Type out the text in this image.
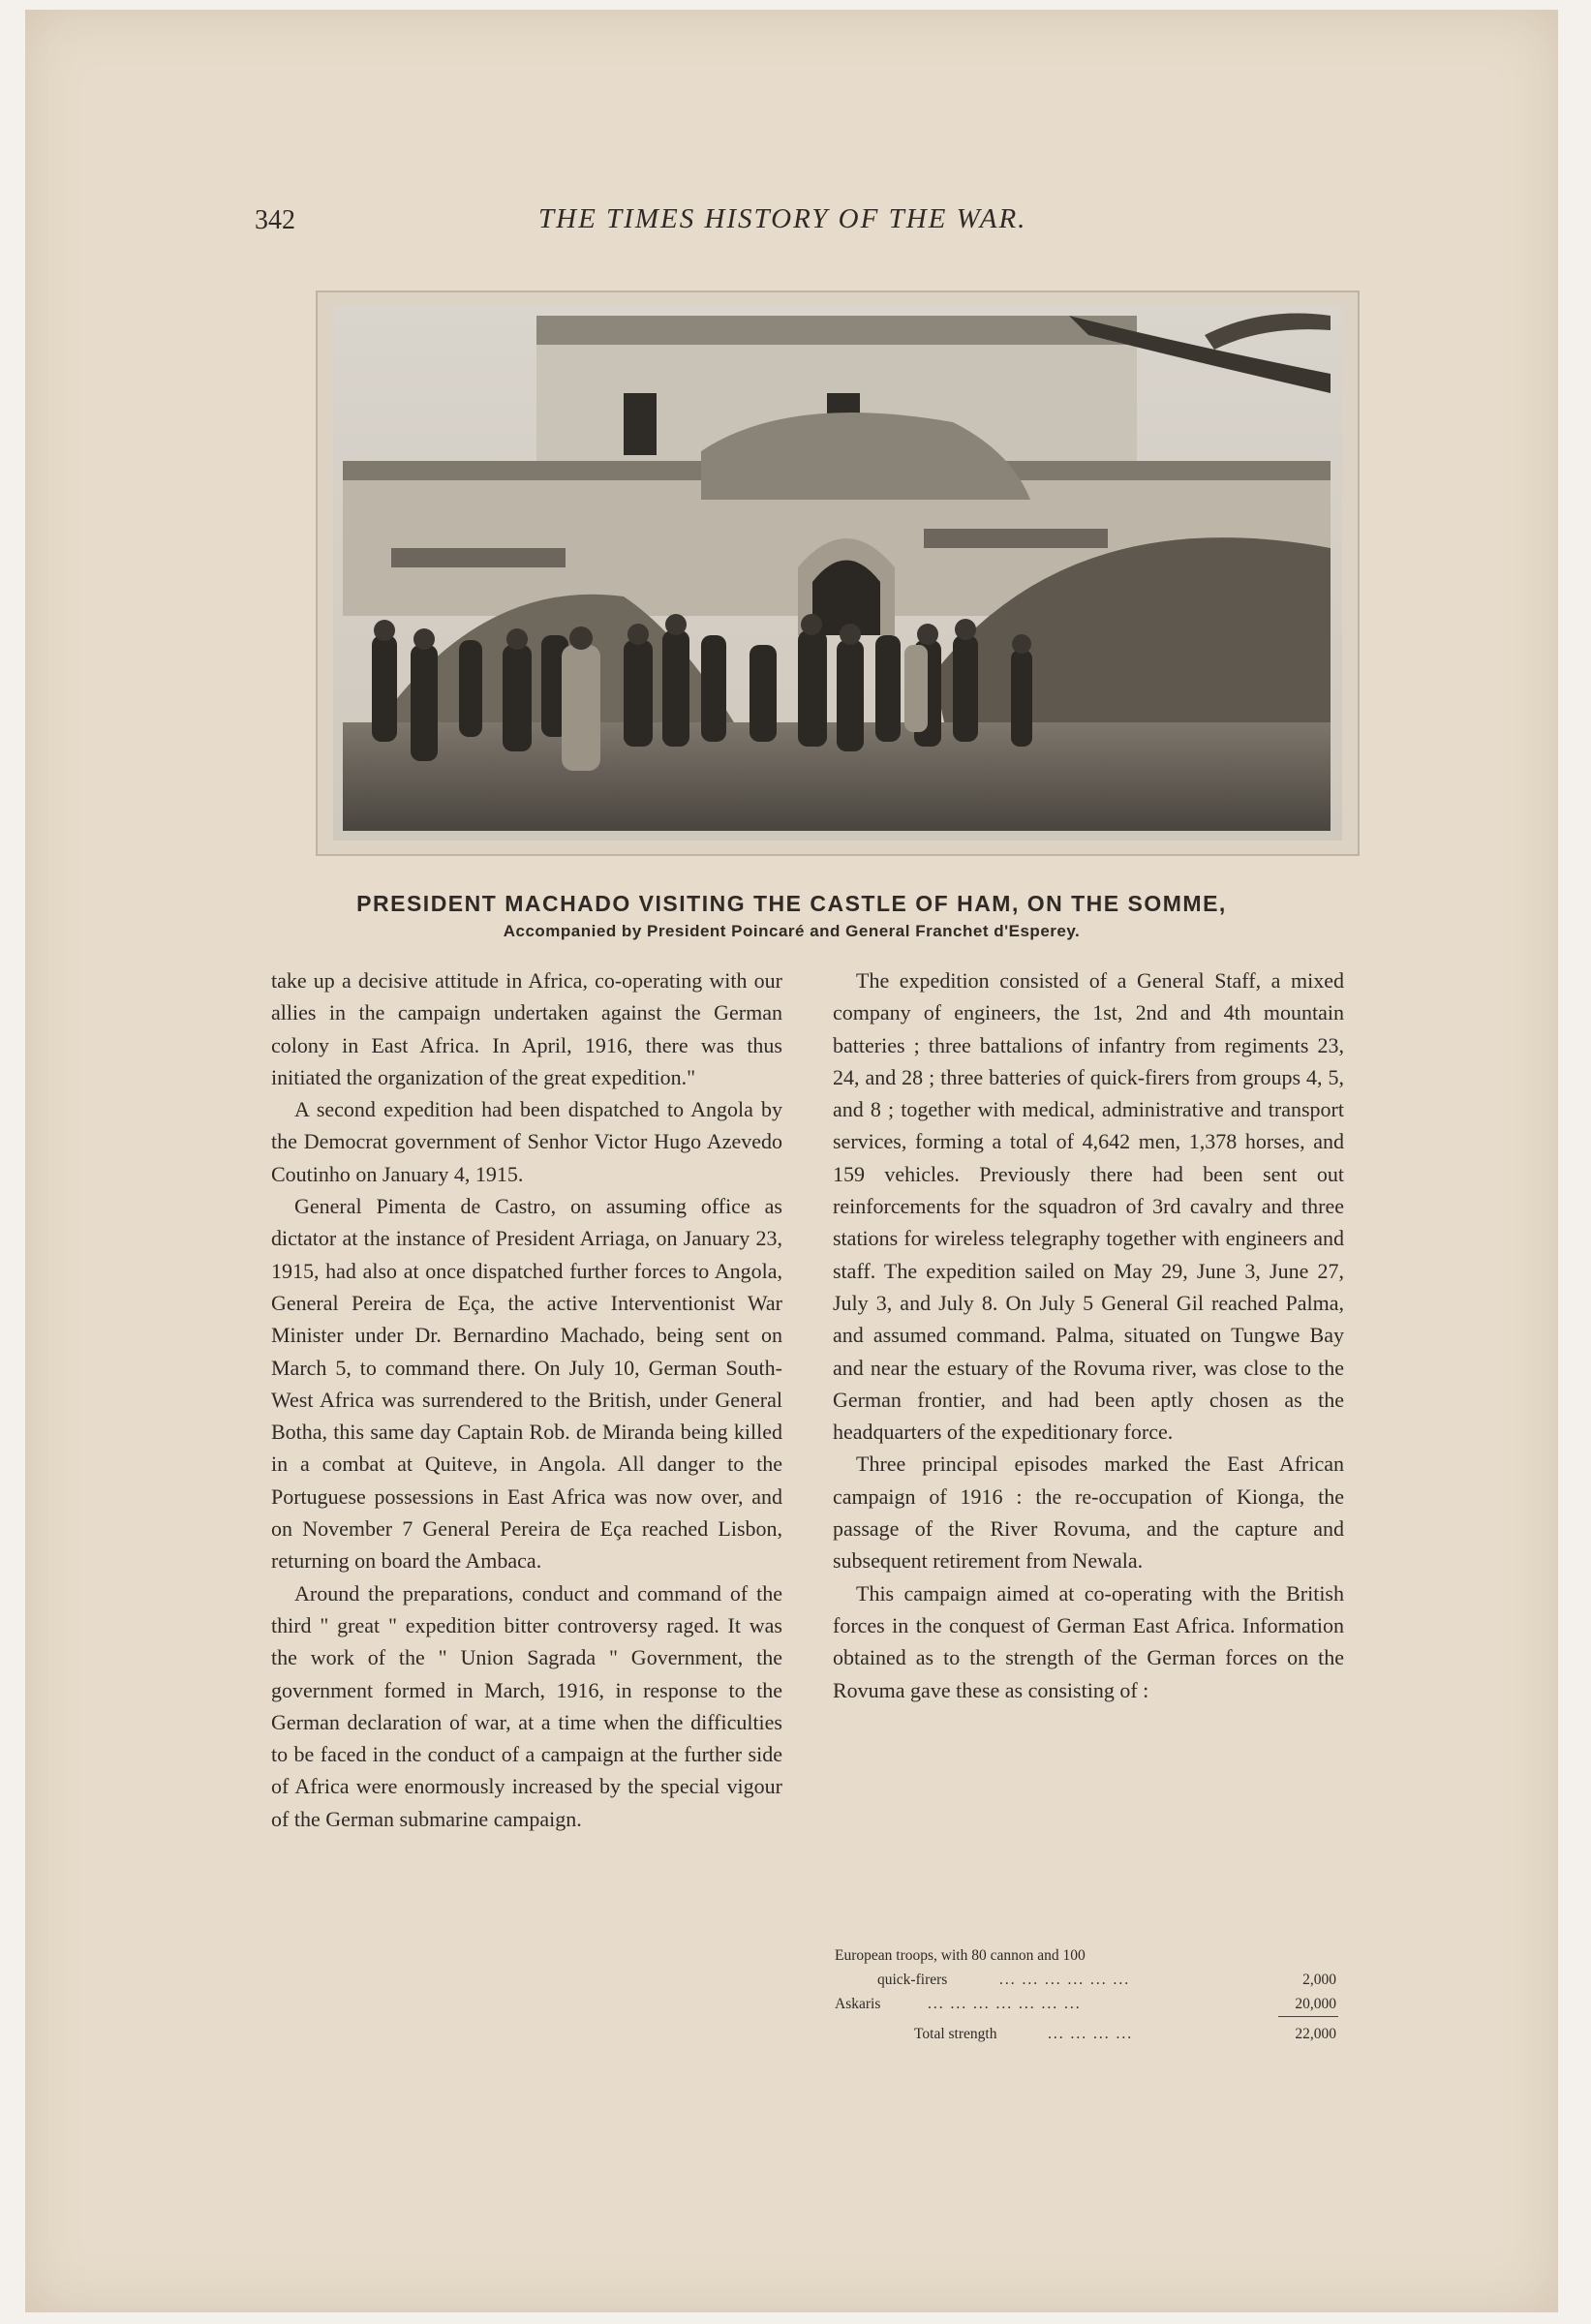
342	THE TIMES HISTORY OF THE WAR.
PRESIDENT MACHADO VISITING THE CASTLE OF HAM, ON THE SOMME,
Accompanied by President Poincaré and General Franchet d'Esperey.

take up a decisive attitude in Africa, co-operating with our allies in the campaign undertaken against the German colony in East Africa. In April, 1916, there was thus initiated the organization of the great expedition."

A second expedition had been dispatched to Angola by the Democrat government of Senhor Victor Hugo Azevedo Coutinho on January 4, 1915.

General Pimenta de Castro, on assuming office as dictator at the instance of President Arriaga, on January 23, 1915, had also at once dispatched further forces to Angola, General Pereira de Eça, the active Interventionist War Minister under Dr. Bernardino Machado, being sent on March 5, to command there. On July 10, German South-West Africa was surrendered to the British, under General Botha, this same day Captain Rob. de Miranda being killed in a combat at Quiteve, in Angola. All danger to the Portuguese possessions in East Africa was now over, and on November 7 General Pereira de Eça reached Lisbon, returning on board the Ambaca.

Around the preparations, conduct and command of the third " great " expedition bitter controversy raged. It was the work of the " Union Sagrada " Government, the government formed in March, 1916, in response to the German declaration of war, at a time when the difficulties to be faced in the conduct of a campaign at the further side of Africa were enormously increased by the special vigour of the German submarine campaign.

The expedition consisted of a General Staff, a mixed company of engineers, the 1st, 2nd and 4th mountain batteries ; three battalions of infantry from regiments 23, 24, and 28 ; three batteries of quick-firers from groups 4, 5, and 8 ; together with medical, administrative and transport services, forming a total of 4,642 men, 1,378 horses, and 159 vehicles. Previously there had been sent out reinforcements for the squadron of 3rd cavalry and three stations for wireless telegraphy together with engineers and staff. The expedition sailed on May 29, June 3, June 27, July 3, and July 8. On July 5 General Gil reached Palma, and assumed command. Palma, situated on Tungwe Bay and near the estuary of the Rovuma river, was close to the German frontier, and had been aptly chosen as the headquarters of the expeditionary force.

Three principal episodes marked the East African campaign of 1916 : the re-occupation of Kionga, the passage of the River Rovuma, and the capture and subsequent retirement from Newala.

This campaign aimed at co-operating with the British forces in the conquest of German East Africa. Information obtained as to the strength of the German forces on the Rovuma gave these as consisting of :

European troops, with 80 cannon and 100
quick-firers	... ... ... ... ... ...	2,000
Askaris	... ... ... ... ... ... ...	20,000
Total strength	... ... ... ...	22,000
